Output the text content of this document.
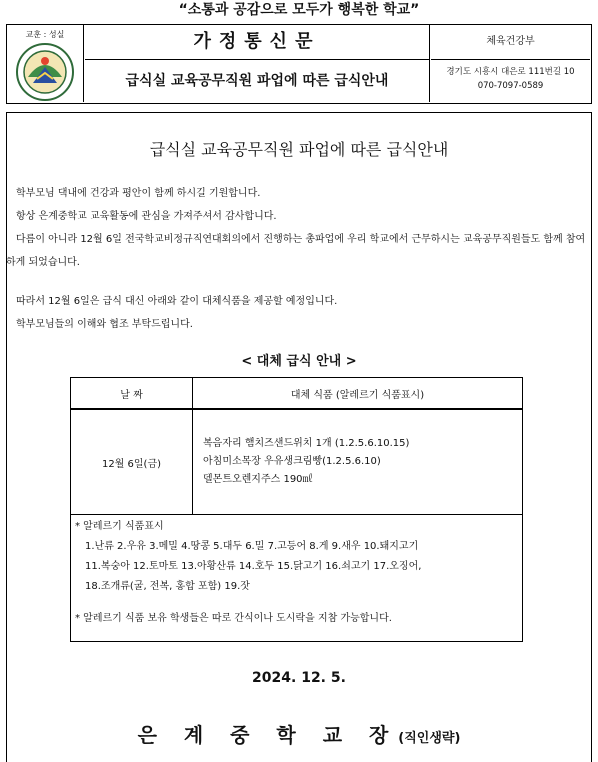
“소통과 공감으로 모두가 행복한 학교”
교훈 : 성실	가정통신문
급식실 교육공무직원 파업에 따른 급식안내
체육건강부
경기도 시흥시 대은로 111번길 10
070-7097-0589
급식실 교육공무직원 파업에 따른 급식안내
학부모님 댁내에 건강과 평안이 함께 하시길 기원합니다.
항상 은계중학교 교육활동에 관심을 가져주셔서 감사합니다.
다름이 아니라 12월 6일 전국학교비정규직연대회의에서 진행하는 총파업에 우리 학교에서 근무하시는 교육공무직원들도 함께 참여하게 되었습니다.
따라서 12월 6일은 급식 대신 아래와 같이 대체식품을 제공할 예정입니다.
학부모님들의 이해와 협조 부탁드립니다.
< 대체 급식 안내 >
날 짜	대체 식품 (알레르기 식품표시)
12월 6일(금)	복음자리 햄치즈샌드위치 1개 (1.2.5.6.10.15)
아침미소목장 우유생크림빵(1.2.5.6.10)
델몬트오렌지주스 190㎖

* 알레르기 식품표시
1.난류 2.우유 3.메밀 4.땅콩 5.대두 6.밀 7.고등어 8.게 9.새우 10.돼지고기
11.복숭아 12.토마토 13.아황산류 14.호두 15.닭고기 16.쇠고기 17.오징어,
18.조개류(굴, 전복, 홍합 포함) 19.잣
* 알레르기 식품 보유 학생들은 따로 간식이나 도시락을 지참 가능합니다.	
2024. 12. 5.
은 계 중 학 교 장(직인생략)
